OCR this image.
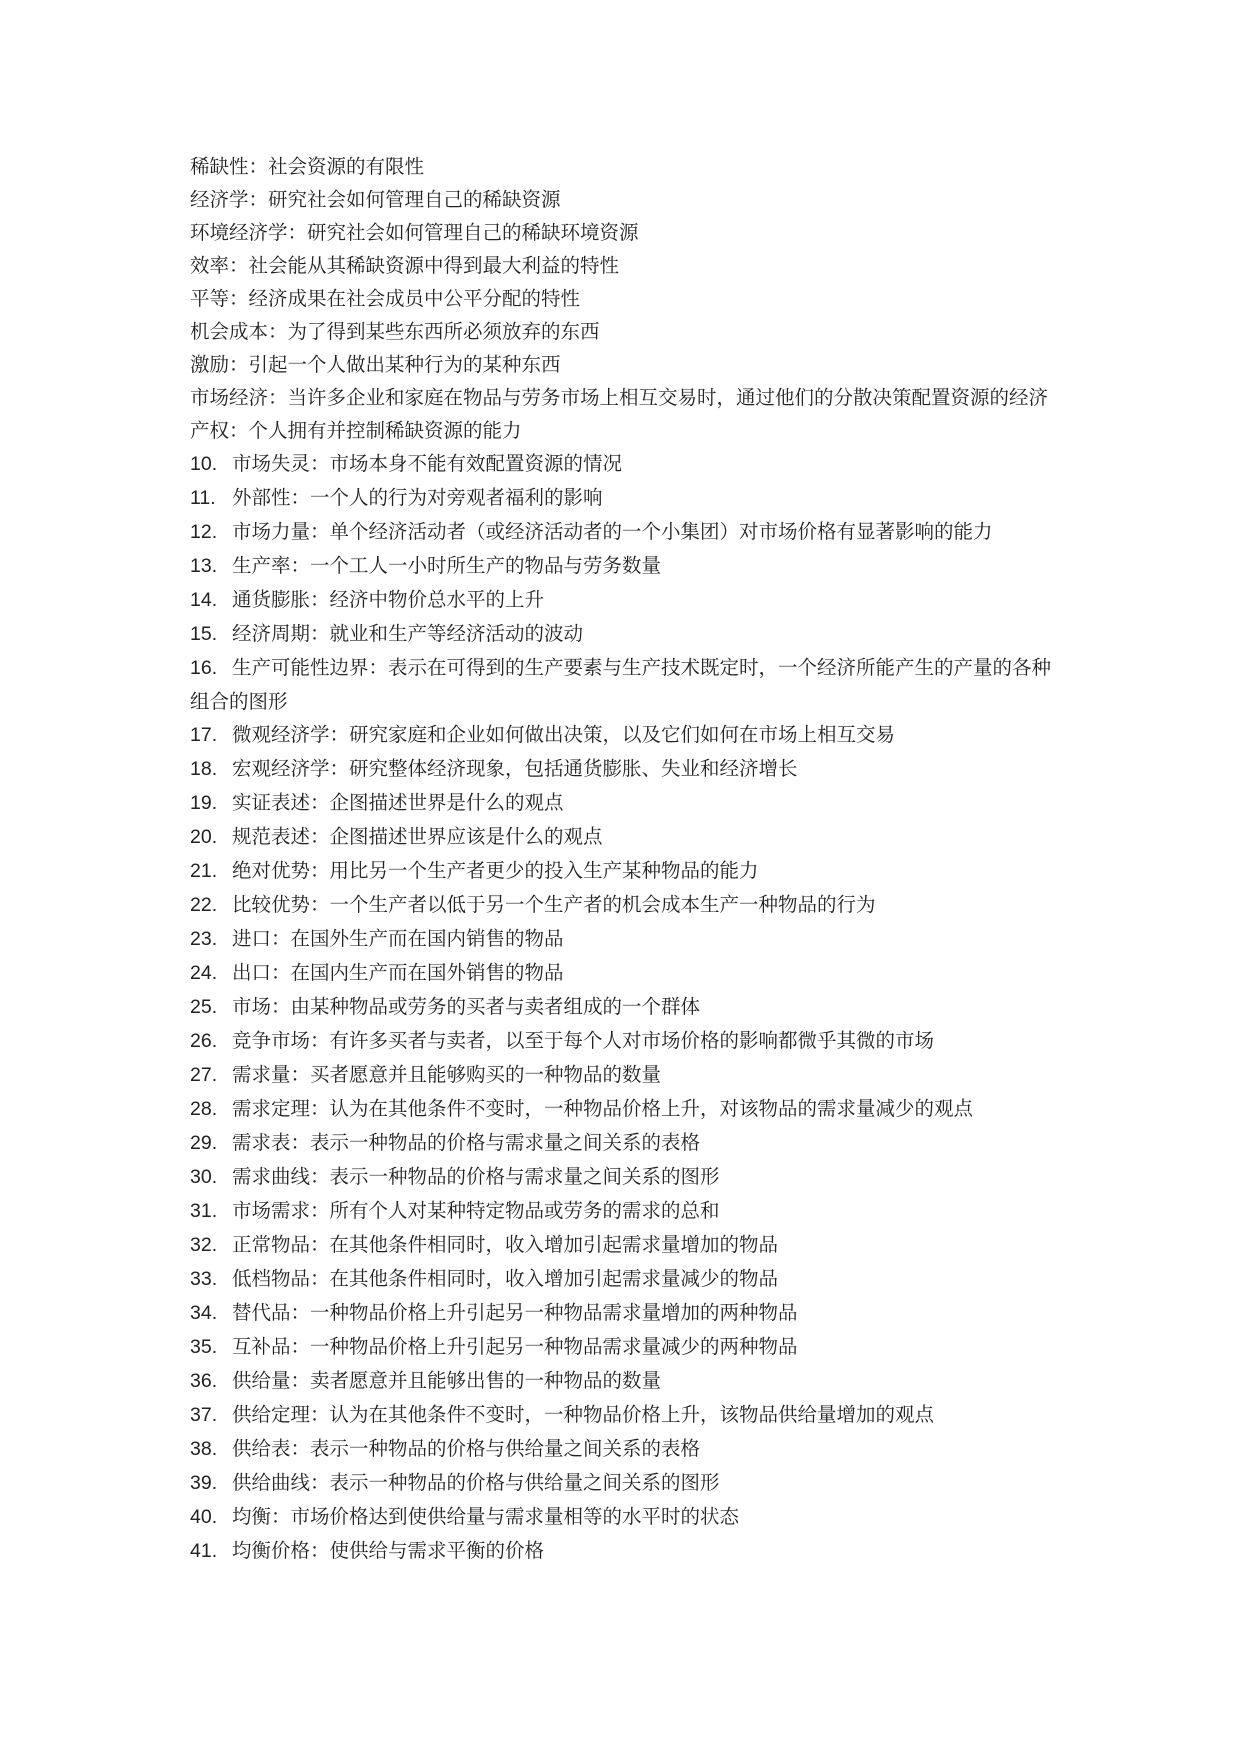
稀缺性：社会资源的有限性

经济学：研究社会如何管理自己的稀缺资源

环境经济学：研究社会如何管理自己的稀缺环境资源

效率：社会能从其稀缺资源中得到最大利益的特性

平等：经济成果在社会成员中公平分配的特性

机会成本：为了得到某些东西所必须放弃的东西

激励：引起一个人做出某种行为的某种东西

市场经济：当许多企业和家庭在物品与劳务市场上相互交易时，通过他们的分散决策配置资源的经济

产权：个人拥有并控制稀缺资源的能力

10. 市场失灵：市场本身不能有效配置资源的情况

11. 外部性：一个人的行为对旁观者福利的影响

12. 市场力量：单个经济活动者（或经济活动者的一个小集团）对市场价格有显著影响的能力

13. 生产率：一个工人一小时所生产的物品与劳务数量

14. 通货膨胀：经济中物价总水平的上升

15. 经济周期：就业和生产等经济活动的波动

16. 生产可能性边界：表示在可得到的生产要素与生产技术既定时，一个经济所能产生的产量的各种组合的图形

17. 微观经济学：研究家庭和企业如何做出决策，以及它们如何在市场上相互交易

18. 宏观经济学：研究整体经济现象，包括通货膨胀、失业和经济增长

19. 实证表述：企图描述世界是什么的观点

20. 规范表述：企图描述世界应该是什么的观点

21. 绝对优势：用比另一个生产者更少的投入生产某种物品的能力

22. 比较优势：一个生产者以低于另一个生产者的机会成本生产一种物品的行为

23. 进口：在国外生产而在国内销售的物品

24. 出口：在国内生产而在国外销售的物品

25. 市场：由某种物品或劳务的买者与卖者组成的一个群体

26. 竞争市场：有许多买者与卖者，以至于每个人对市场价格的影响都微乎其微的市场

27. 需求量：买者愿意并且能够购买的一种物品的数量

28. 需求定理：认为在其他条件不变时，一种物品价格上升，对该物品的需求量减少的观点

29. 需求表：表示一种物品的价格与需求量之间关系的表格

30. 需求曲线：表示一种物品的价格与需求量之间关系的图形

31. 市场需求：所有个人对某种特定物品或劳务的需求的总和

32. 正常物品：在其他条件相同时，收入增加引起需求量增加的物品

33. 低档物品：在其他条件相同时，收入增加引起需求量减少的物品

34. 替代品：一种物品价格上升引起另一种物品需求量增加的两种物品

35. 互补品：一种物品价格上升引起另一种物品需求量减少的两种物品

36. 供给量：卖者愿意并且能够出售的一种物品的数量

37. 供给定理：认为在其他条件不变时，一种物品价格上升，该物品供给量增加的观点

38. 供给表：表示一种物品的价格与供给量之间关系的表格

39. 供给曲线：表示一种物品的价格与供给量之间关系的图形

40. 均衡：市场价格达到使供给量与需求量相等的水平时的状态

41. 均衡价格：使供给与需求平衡的价格
